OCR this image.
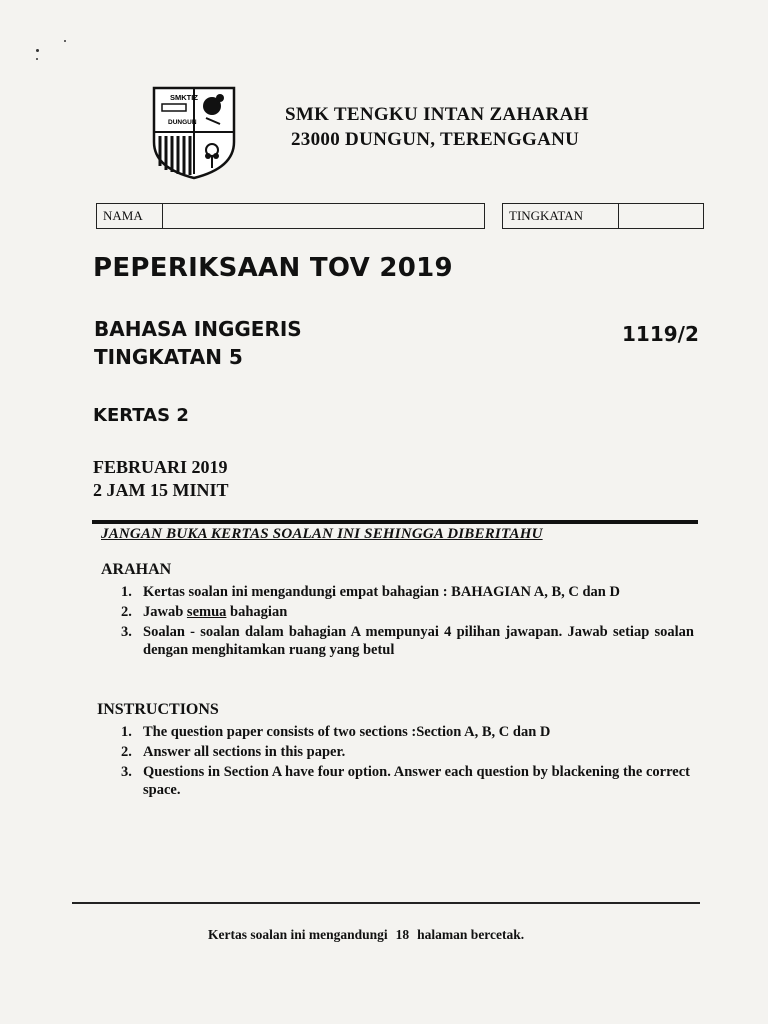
SMKTIZ
DUNGUN	SMK TENGKU INTAN ZAHARAH
23000 DUNGUN, TERENGGANU
NAMA	TINGKATAN
PEPERIKSAAN TOV 2019
BAHASA INGGERIS
TINGKATAN 5
1119/2
KERTAS 2
FEBRUARI 2019
2 JAM 15 MINIT
JANGAN BUKA KERTAS SOALAN INI SEHINGGA DIBERITAHU
ARAHAN
1. Kertas soalan ini mengandungi empat bahagian : BAHAGIAN A, B, C dan D
2. Jawab semua bahagian
3. Soalan - soalan dalam bahagian A mempunyai 4 pilihan jawapan. Jawab setiap soalan dengan menghitamkan ruang yang betul
INSTRUCTIONS
1. The question paper consists of two sections :Section A, B, C dan D
2. Answer all sections in this paper.
3. Questions in Section A have four option. Answer each question by blackening the correct space.
Kertas soalan ini mengandungi 18 halaman bercetak.
